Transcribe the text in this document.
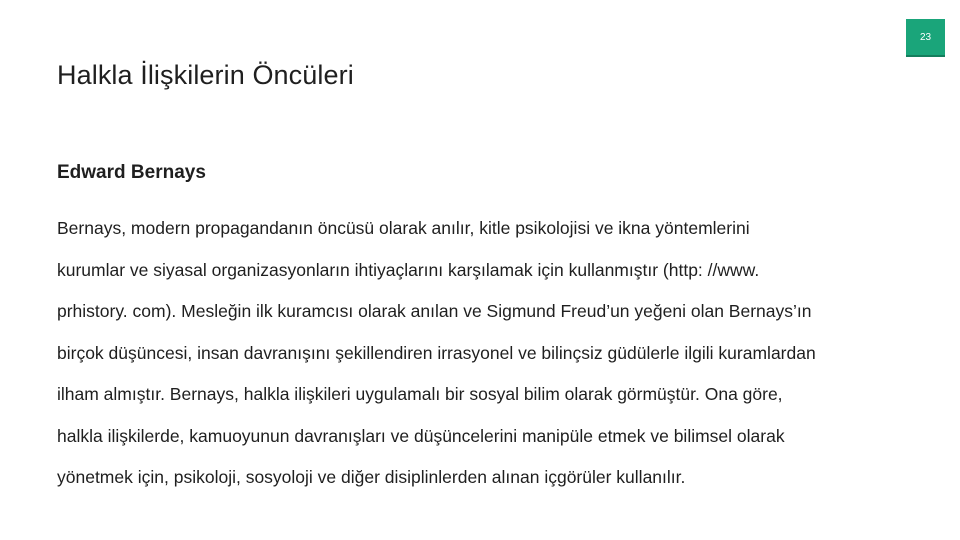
23
Halkla İlişkilerin Öncüleri
Edward Bernays

Bernays, modern propagandanın öncüsü olarak anılır, kitle psikolojisi ve ikna yöntemlerini
kurumlar ve siyasal organizasyonların ihtiyaçlarını karşılamak için kullanmıştır (http: //www.
prhistory. com). Mesleğin ilk kuramcısı olarak anılan ve Sigmund Freud’un yeğeni olan Bernays’ın
birçok düşüncesi, insan davranışını şekillendiren irrasyonel ve bilinçsiz güdülerle ilgili kuramlardan
ilham almıştır. Bernays, halkla ilişkileri uygulamalı bir sosyal bilim olarak görmüştür. Ona göre,
halkla ilişkilerde, kamuoyunun davranışları ve düşüncelerini manipüle etmek ve bilimsel olarak
yönetmek için, psikoloji, sosyoloji ve diğer disiplinlerden alınan içgörüler kullanılır.
